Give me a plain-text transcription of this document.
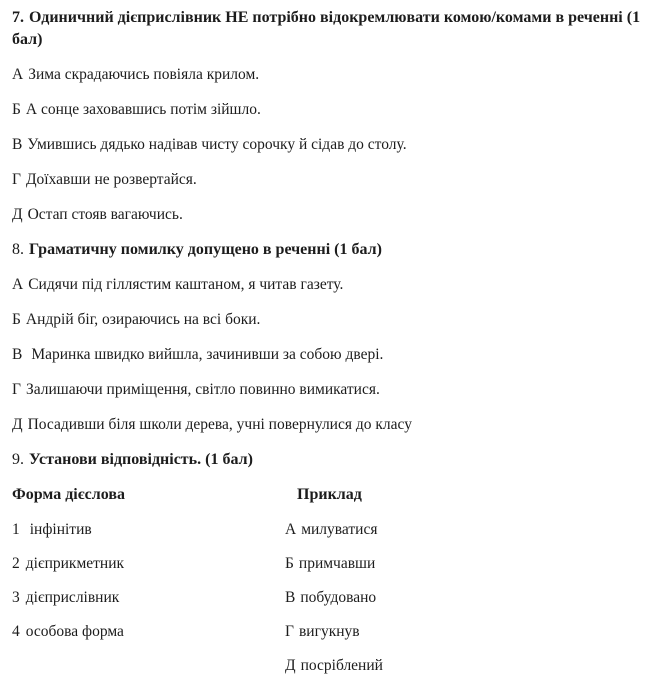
7. Одиничний дієприслівник НЕ потрібно відокремлювати комою/комами в реченні (1 бал)

А Зима скрадаючись повіяла крилом.

Б А сонце заховавшись потім зійшло.

В Умившись дядько надівав чисту сорочку й сідав до столу.

Г Доїхавши не розвертайся.

Д Остап стояв вагаючись.

8. Граматичну помилку допущено в реченні (1 бал)

А Сидячи під гіллястим каштаном, я читав газету.

Б Андрій біг, озираючись на всі боки.

В Маринка швидко вийшла, зачинивши за собою двері.

Г Залишаючи приміщення, світло повинно вимикатися.

Д Посадивши біля школи дерева, учні повернулися до класу

9. Установи відповідність. (1 бал)

Форма дієслова

1 інфінітив

2 дієприкметник

3 дієприслівник

4 особова форма

Приклад

А милуватися

Б примчавши

В побудовано

Г вигукнув

Д посріблений
